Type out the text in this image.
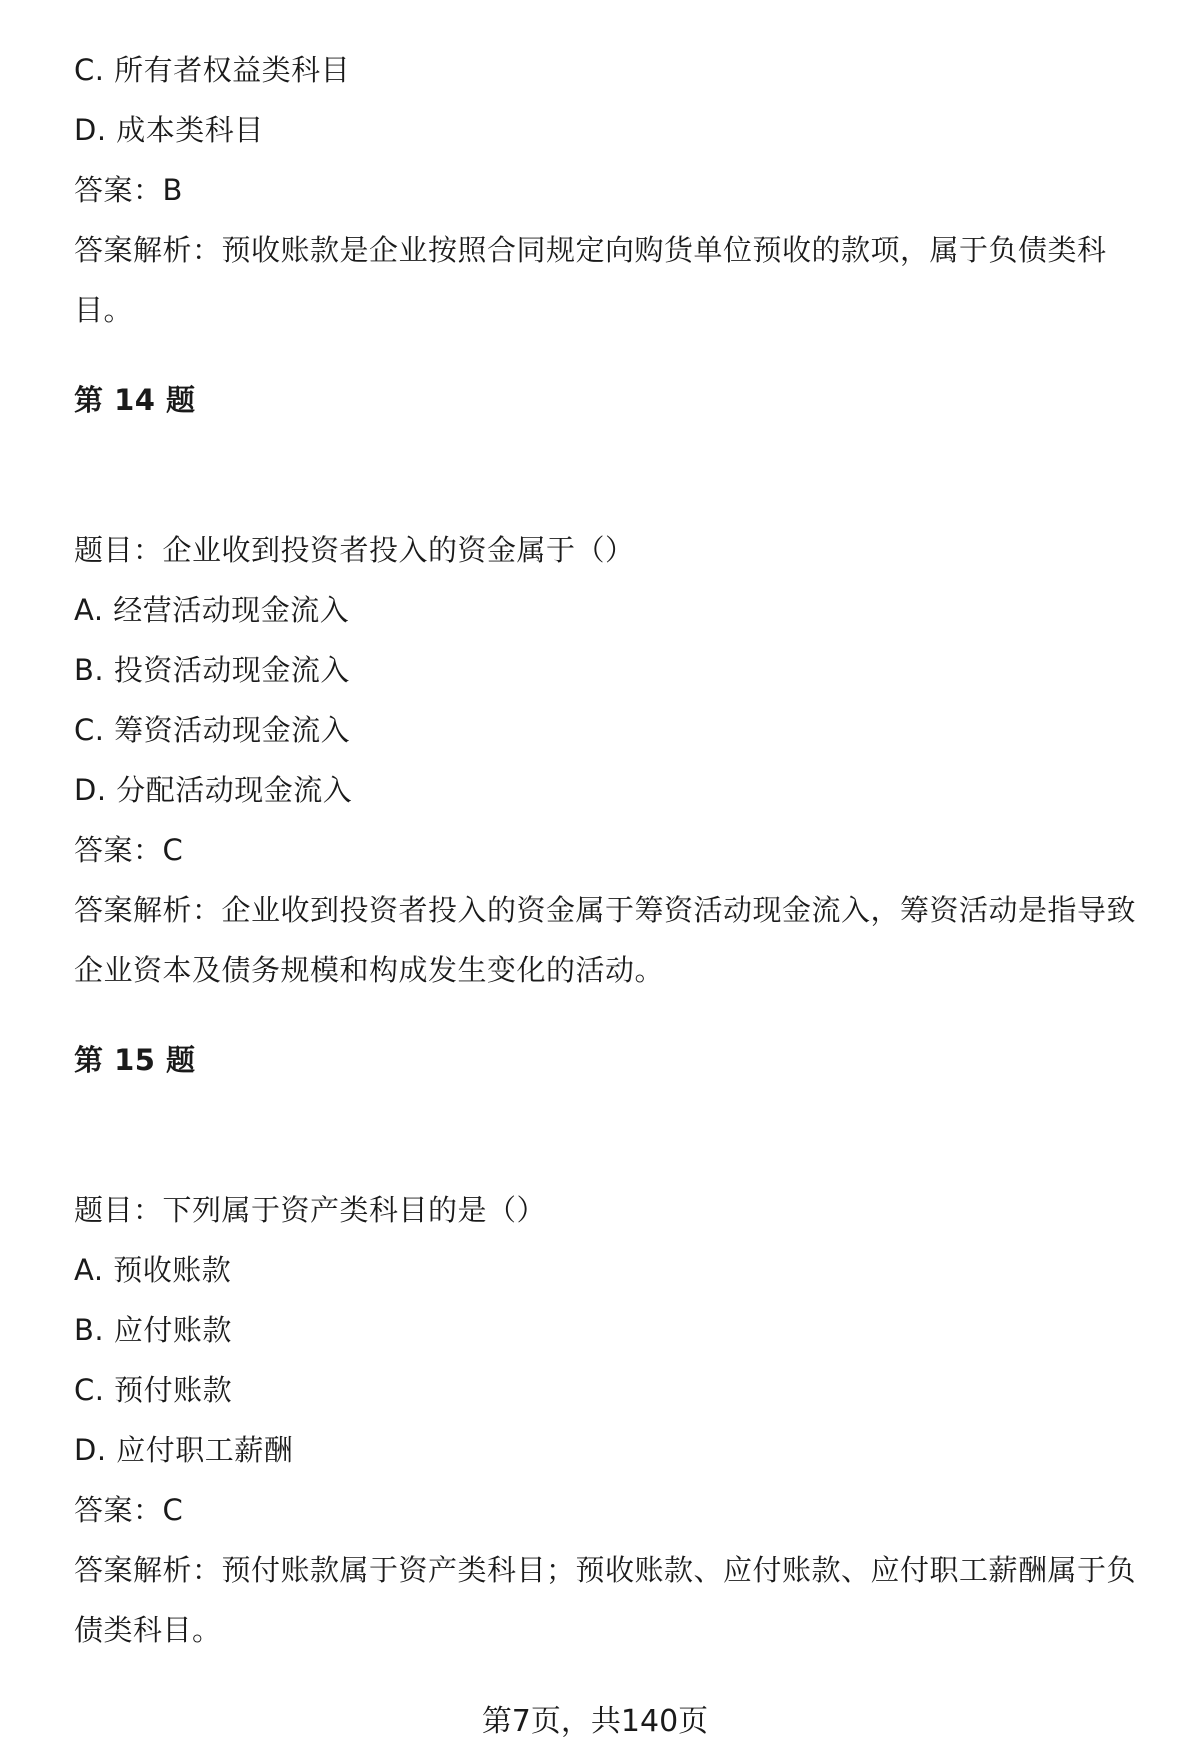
C. 所有者权益类科目
D. 成本类科目
答案：B
答案解析：预收账款是企业按照合同规定向购货单位预收的款项，属于负债类科
目。
第 14 题
题目：企业收到投资者投入的资金属于（）
A. 经营活动现金流入
B. 投资活动现金流入
C. 筹资活动现金流入
D. 分配活动现金流入
答案：C
答案解析：企业收到投资者投入的资金属于筹资活动现金流入，筹资活动是指导致
企业资本及债务规模和构成发生变化的活动。
第 15 题
题目：下列属于资产类科目的是（）
A. 预收账款
B. 应付账款
C. 预付账款
D. 应付职工薪酬
答案：C
答案解析：预付账款属于资产类科目；预收账款、应付账款、应付职工薪酬属于负
债类科目。
第7页，共140页
